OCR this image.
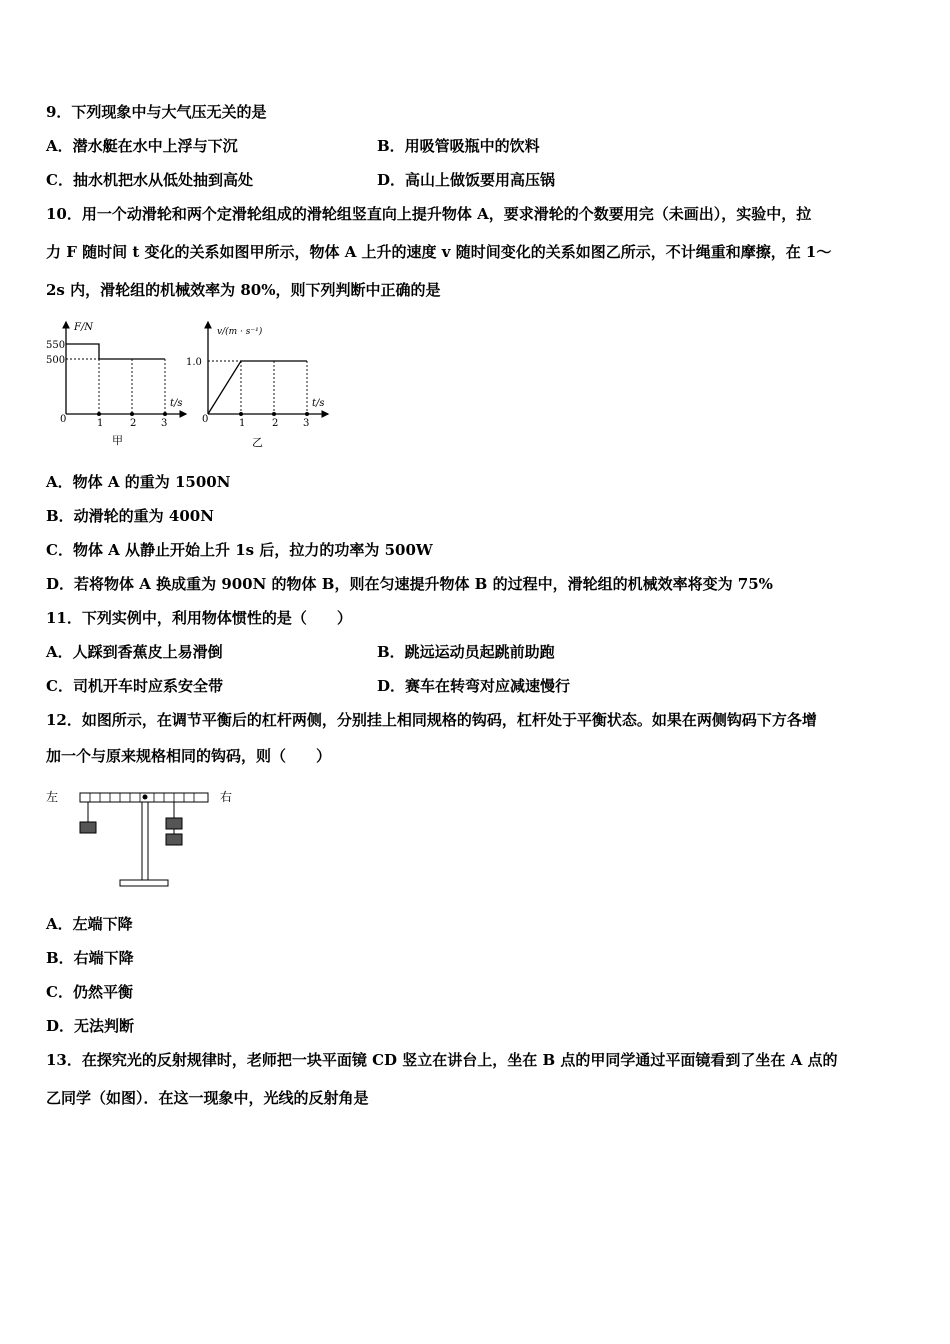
9．下列现象中与大气压无关的是
A．潜水艇在水中上浮与下沉	B．用吸管吸瓶中的饮料
C．抽水机把水从低处抽到高处	D．高山上做饭要用高压锅
10．用一个动滑轮和两个定滑轮组成的滑轮组竖直向上提升物体 A，要求滑轮的个数要用完（未画出），实验中，拉
力 F 随时间 t 变化的关系如图甲所示，物体 A 上升的速度 v 随时间变化的关系如图乙所示，不计绳重和摩擦，在 1～
2s 内，滑轮组的机械效率为 80%，则下列判断中正确的是
F/N
t/s
550
500
0	1	2 3
甲
v/(m · s⁻¹)
t/s
1.0
0	1	2 3
乙
A．物体 A 的重为 1500N
B．动滑轮的重为 400N
C．物体 A 从静止开始上升 1s 后，拉力的功率为 500W
D．若将物体 A 换成重为 900N 的物体 B，则在匀速提升物体 B 的过程中，滑轮组的机械效率将变为 75%
11．下列实例中，利用物体惯性的是（　　）
A．人踩到香蕉皮上易滑倒	B．跳远运动员起跳前助跑
C．司机开车时应系安全带	D．赛车在转弯对应减速慢行
12．如图所示，在调节平衡后的杠杆两侧，分别挂上相同规格的钩码，杠杆处于平衡状态。如果在两侧钩码下方各增
加一个与原来规格相同的钩码，则（　　）
左	右
A．左端下降
B．右端下降
C．仍然平衡
D．无法判断
13．在探究光的反射规律时，老师把一块平面镜 CD 竖立在讲台上，坐在 B 点的甲同学通过平面镜看到了坐在 A 点的
乙同学（如图）．在这一现象中，光线的反射角是
